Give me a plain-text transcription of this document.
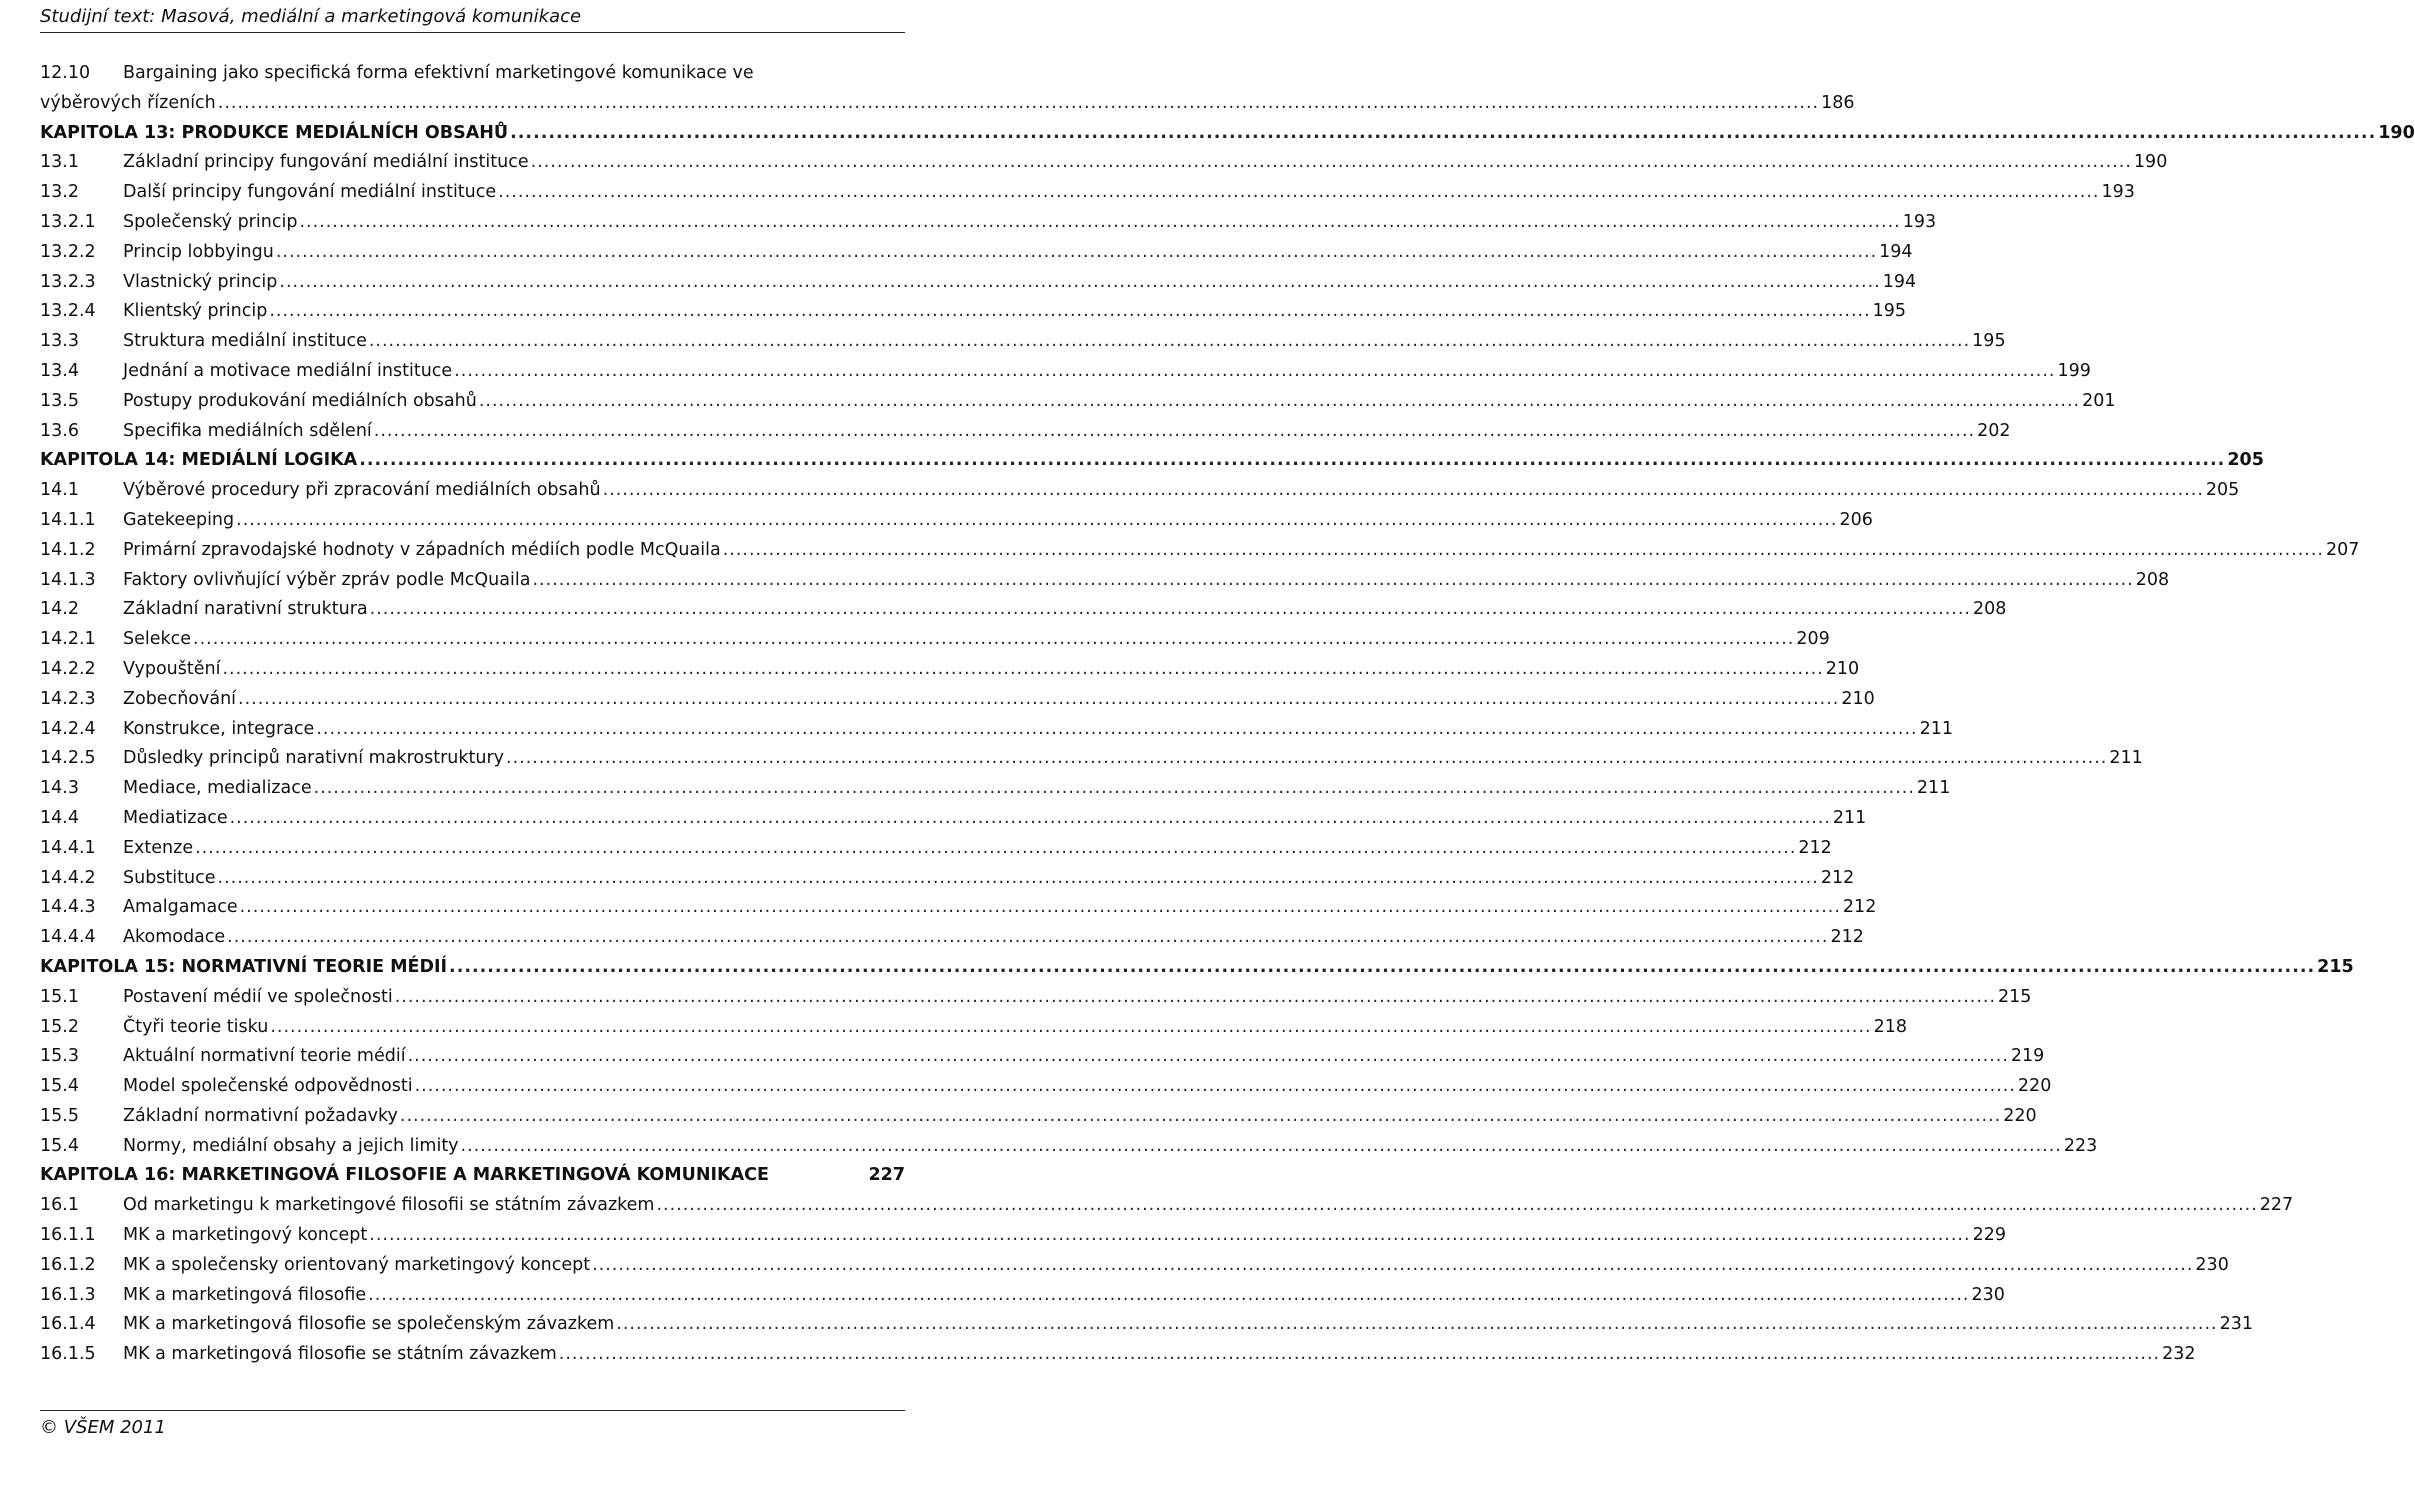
Studijní text: Masová, mediální a marketingová komunikace
12.10	Bargaining jako specifická forma efektivní marketingové komunikace ve
výběrových řízeních .....	186
KAPITOLA 13: PRODUKCE MEDIÁLNÍCH OBSAHŮ .....	190
13.1	Základní principy fungování mediální instituce .....	190
13.2	Další principy fungování mediální instituce .....	193
13.2.1	Společenský princip .....	193
13.2.2	Princip lobbyingu .....	194
13.2.3	Vlastnický princip .....	194
13.2.4	Klientský princip .....	195
13.3	Struktura mediální instituce .....	195
13.4	Jednání a motivace mediální instituce .....	199
13.5	Postupy produkování mediálních obsahů .....	201
13.6	Specifika mediálních sdělení .....	202
KAPITOLA 14: MEDIÁLNÍ LOGIKA .....	205
14.1	Výběrové procedury při zpracování mediálních obsahů .....	205
14.1.1	Gatekeeping .....	206
14.1.2	Primární zpravodajské hodnoty v západních médiích podle McQuaila .....	207
14.1.3	Faktory ovlivňující výběr zpráv podle McQuaila .....	208
14.2	Základní narativní struktura .....	208
14.2.1	Selekce .....	209
14.2.2	Vypouštění .....	210
14.2.3	Zobecňování .....	210
14.2.4	Konstrukce, integrace .....	211
14.2.5	Důsledky principů narativní makrostruktury .....	211
14.3	Mediace, medializace .....	211
14.4	Mediatizace .....	211
14.4.1	Extenze .....	212
14.4.2	Substituce .....	212
14.4.3	Amalgamace .....	212
14.4.4	Akomodace .....	212
KAPITOLA 15: NORMATIVNÍ TEORIE MÉDIÍ .....	215
15.1	Postavení médií ve společnosti .....	215
15.2	Čtyři teorie tisku .....	218
15.3	Aktuální normativní teorie médií .....	219
15.4	Model společenské odpovědnosti .....	220
15.5	Základní normativní požadavky .....	220
15.4	Normy, mediální obsahy a jejich limity .....	223
KAPITOLA 16: MARKETINGOVÁ FILOSOFIE A MARKETINGOVÁ KOMUNIKACE	227
16.1	Od marketingu k marketingové filosofii se státním závazkem .....	227
16.1.1	MK a marketingový koncept .....	229
16.1.2	MK a společensky orientovaný marketingový koncept .....	230
16.1.3	MK a marketingová filosofie .....	230
16.1.4	MK a marketingová filosofie se společenským závazkem .....	231
16.1.5	MK a marketingová filosofie se státním závazkem .....	232
© VŠEM 2011
